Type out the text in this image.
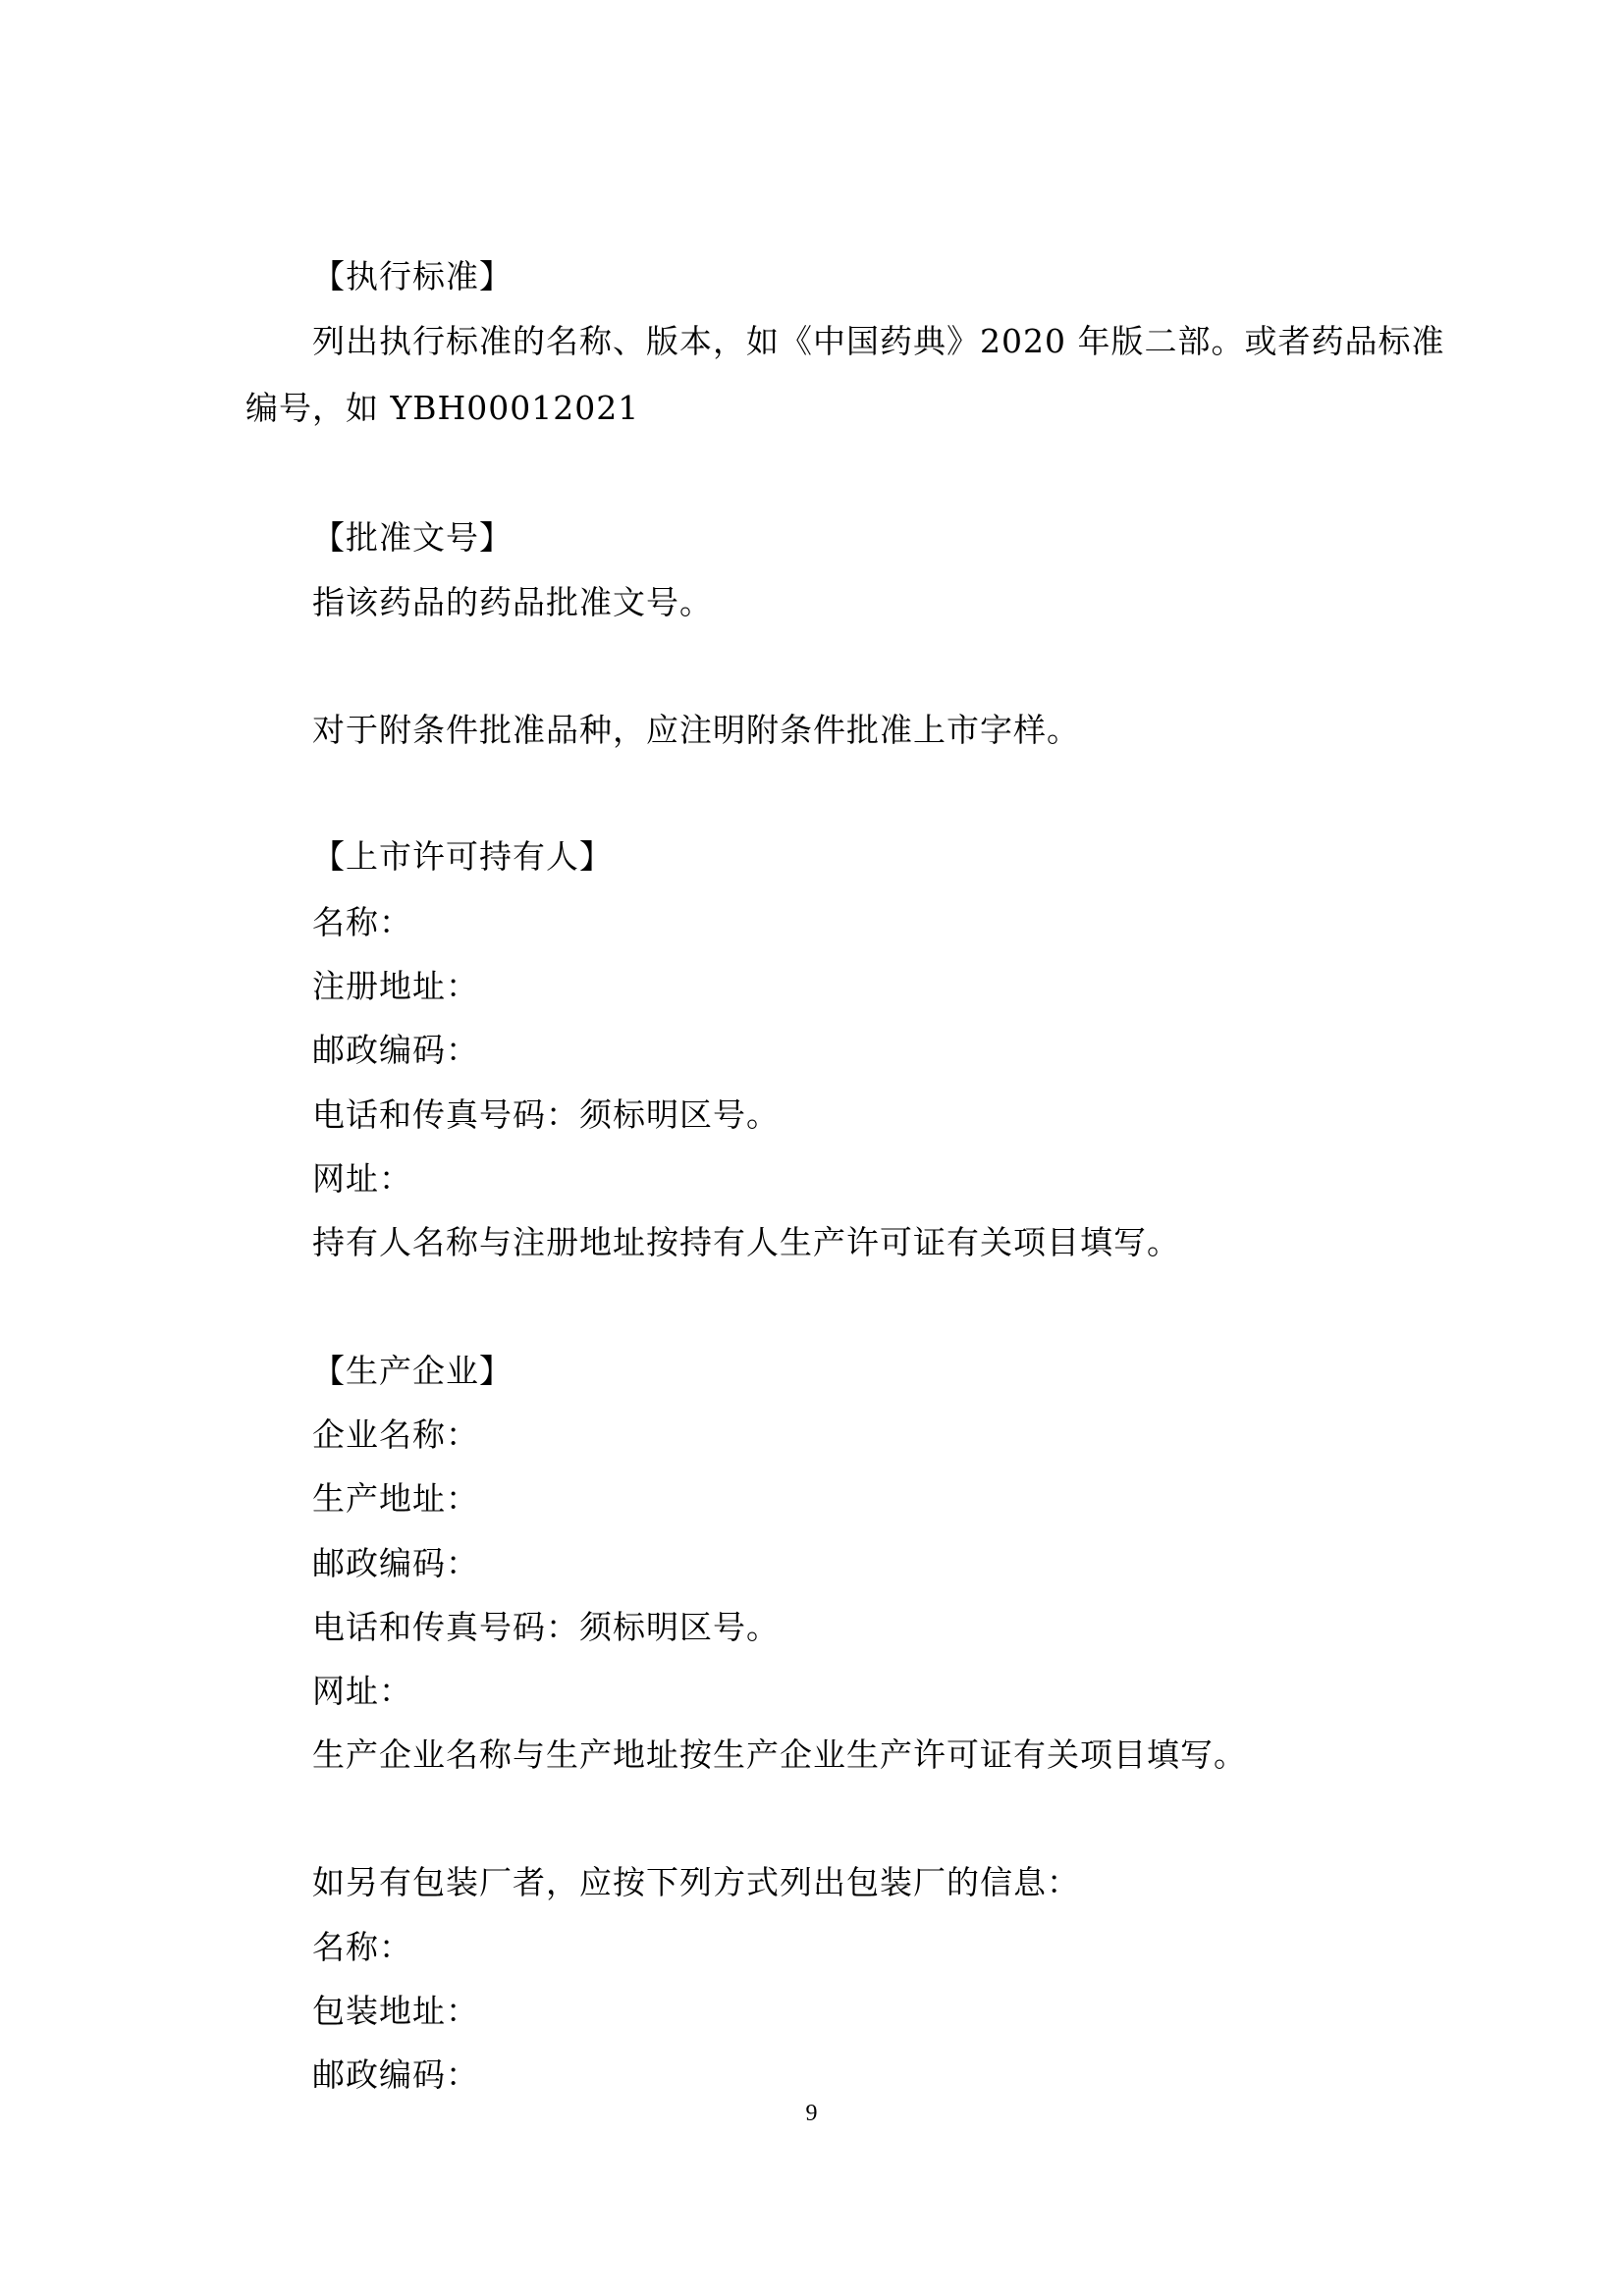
【执行标准】
列出执行标准的名称、版本，如《中国药典》2020 年版二部。或者药品标准
编号，如 YBH00012021
【批准文号】
指该药品的药品批准文号。
对于附条件批准品种，应注明附条件批准上市字样。
【上市许可持有人】
名称：
注册地址：
邮政编码：
电话和传真号码：须标明区号。
网址：
持有人名称与注册地址按持有人生产许可证有关项目填写。
【生产企业】
企业名称：
生产地址：
邮政编码：
电话和传真号码：须标明区号。
网址：
生产企业名称与生产地址按生产企业生产许可证有关项目填写。
如另有包装厂者，应按下列方式列出包装厂的信息：
名称：
包装地址：
邮政编码：
9
